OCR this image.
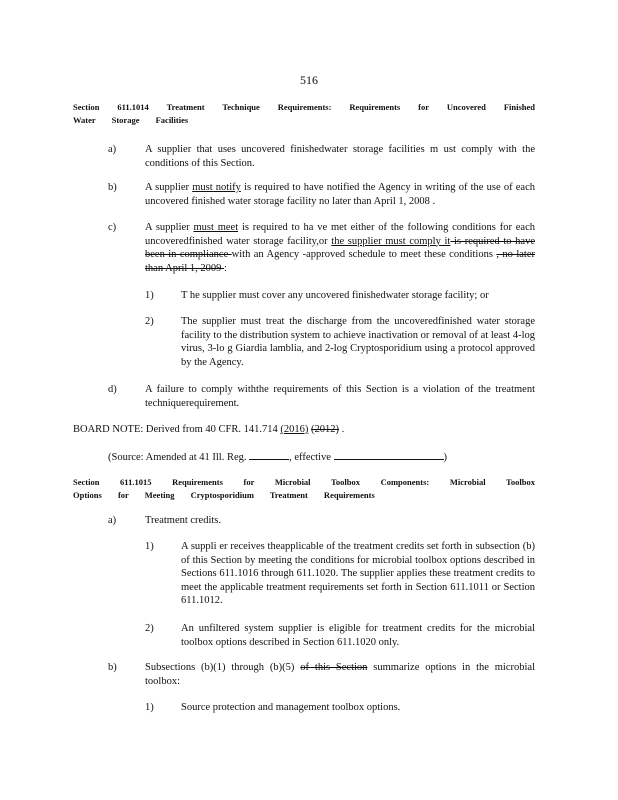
516
Section 611.1014 Treatment Technique Requirements: Requirements for Uncovered Finished Water Storage Facilities
a)	A supplier that uses uncovered finishedwater storage facilities m ust comply with the conditions of this Section.
b)	A supplier must notify is required to have notified the Agency in writing of the use of each uncovered finished water storage facility no later than April 1, 2008 .
c)	A supplier must meet is required to ha ve met either of the following conditions for each uncoveredfinished water storage facility,or the supplier must comply it is required to have been in compliance with an Agency -approved schedule to meet these conditions , no later than April 1, 2009 :
1)	T he supplier must cover any uncovered finishedwater storage facility; or
2)	The supplier must treat the discharge from the uncoveredfinished water storage facility to the distribution system to achieve inactivation or removal of at least 4-log virus, 3-lo g Giardia lamblia, and 2-log Cryptosporidium using a protocol approved by the Agency.
d)	A failure to comply withthe requirements of this Section is a violation of the treatment techniquerequirement.
BOARD NOTE: Derived from 40 CFR. 141.714 (2016) (2012) .
(Source: Amended at 41 Ill. Reg.	, effective	)
Section 611.1015 Requirements for Microbial Toolbox Components: Microbial Toolbox Options for Meeting Cryptosporidium Treatment Requirements
a)	Treatment credits.
1)	A suppli er receives theapplicable of the treatment credits set forth in subsection (b) of this Section by meeting the conditions for microbial toolbox options described in Sections 611.1016 through 611.1020. The supplier applies these treatment credits to meet the applicable treatment requirements set forth in Section 611.1011 or Section 611.1012.
2)	An unfiltered system supplier is eligible for treatment credits for the microbial toolbox options described in Section 611.1020 only.
b)	Subsections (b)(1) through (b)(5) of this Section summarize options in the microbial toolbox:
1)	Source protection and management toolbox options.
